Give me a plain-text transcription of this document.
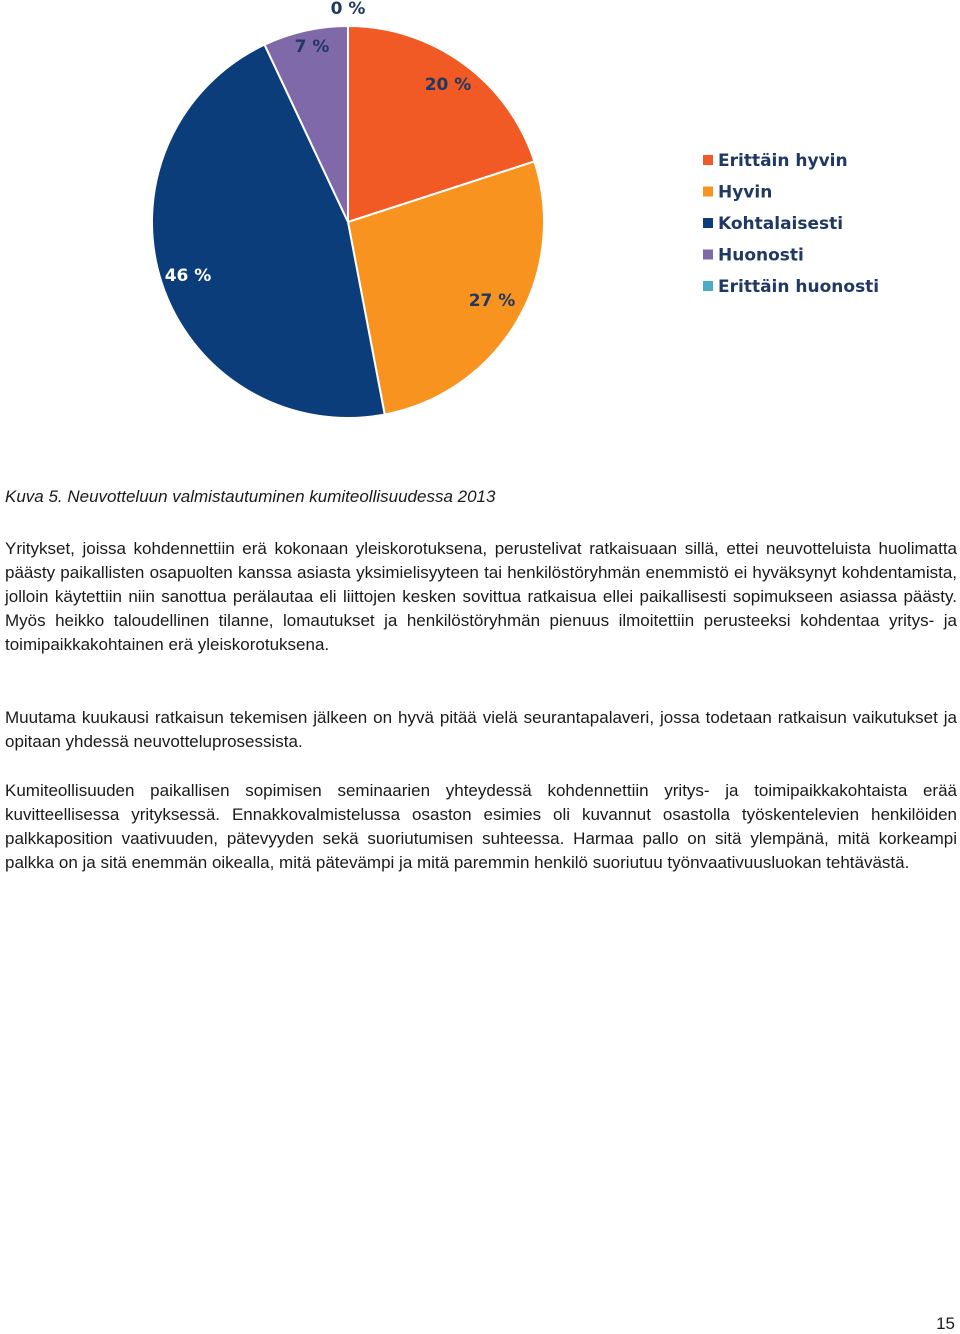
20 %
27 %
46 %
7 %
0 %
Erittäin hyvin
Hyvin
Kohtalaisesti
Huonosti
Erittäin huonosti

Kuva 5. Neuvotteluun valmistautuminen kumiteollisuudessa 2013

Yritykset, joissa kohdennettiin erä kokonaan yleiskorotuksena, perustelivat ratkaisuaan sillä, ettei neuvotteluista huolimatta päästy paikallisten osapuolten kanssa asiasta yksimielisyyteen tai henkilöstöryhmän enemmistö ei hyväksynyt kohdentamista, jolloin käytettiin niin sanottua perälautaa eli liittojen kesken sovittua ratkaisua ellei paikallisesti sopimukseen asiassa päästy. Myös heikko taloudellinen tilanne, lomautukset ja henkilöstöryhmän pienuus ilmoitettiin perusteeksi kohdentaa yritys- ja toimipaikkakohtainen erä yleiskorotuksena.

Muutama kuukausi ratkaisun tekemisen jälkeen on hyvä pitää vielä seurantapalaveri, jossa todetaan ratkaisun vaikutukset ja opitaan yhdessä neuvotteluprosessista.

Kumiteollisuuden paikallisen sopimisen seminaarien yhteydessä kohdennettiin yritys- ja toimipaikkakohtaista erää kuvitteellisessa yrityksessä. Ennakkovalmistelussa osaston esimies oli kuvannut osastolla työskentelevien henkilöiden palkkaposition vaativuuden, pätevyyden sekä suoriutumisen suhteessa. Harmaa pallo on sitä ylempänä, mitä korkeampi palkka on ja sitä enemmän oikealla, mitä pätevämpi ja mitä paremmin henkilö suoriutuu työnvaativuusluokan tehtävästä.

15
